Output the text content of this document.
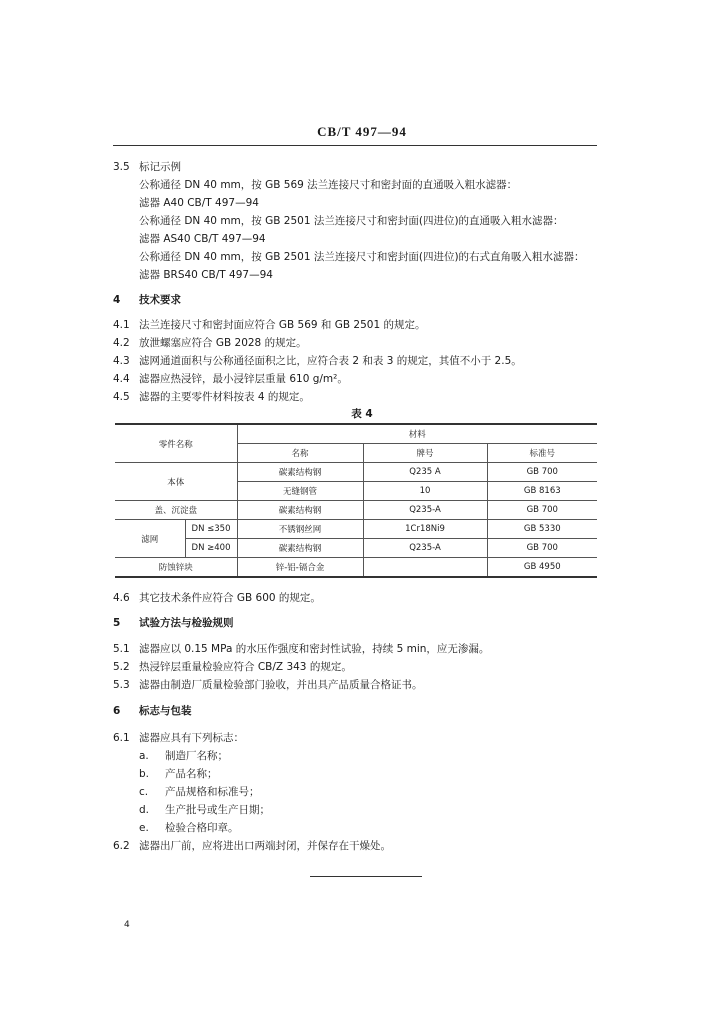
CB/T 497—94
3.5 标记示例
公称通径 DN 40 mm，按 GB 569 法兰连接尺寸和密封面的直通吸入粗水滤器：
滤器 A40 CB/T 497—94
公称通径 DN 40 mm，按 GB 2501 法兰连接尺寸和密封面(四进位)的直通吸入粗水滤器：
滤器 AS40 CB/T 497—94
公称通径 DN 40 mm，按 GB 2501 法兰连接尺寸和密封面(四进位)的右式直角吸入粗水滤器：
滤器 BRS40 CB/T 497—94
4 技术要求
4.1 法兰连接尺寸和密封面应符合 GB 569 和 GB 2501 的规定。
4.2 放泄螺塞应符合 GB 2028 的规定。
4.3 滤网通道面积与公称通径面积之比，应符合表 2 和表 3 的规定，其值不小于 2.5。
4.4 滤器应热浸锌，最小浸锌层重量 610 g/m²。
4.5 滤器的主要零件材料按表 4 的规定。
表 4
零件名称		材料		
		名称	牌号	标准号
本体		碳素结构钢	Q235 A	GB 700
		无缝钢管	10	GB 8163
盖、沉淀盘		碳素结构钢	Q235-A	GB 700
滤网	DN ≤350	不锈钢丝网	1Cr18Ni9	GB 5330
	DN ≥400	碳素结构钢	Q235-A	GB 700
防蚀锌块		锌-铝-镉合金		GB 4950
4.6 其它技术条件应符合 GB 600 的规定。
5 试验方法与检验规则
5.1 滤器应以 0.15 MPa 的水压作强度和密封性试验，持续 5 min，应无渗漏。
5.2 热浸锌层重量检验应符合 CB/Z 343 的规定。
5.3 滤器由制造厂质量检验部门验收，并出具产品质量合格证书。
6 标志与包装
6.1 滤器应具有下列标志：
a. 制造厂名称；
b. 产品名称；
c. 产品规格和标准号；
d. 生产批号或生产日期；
e. 检验合格印章。
6.2 滤器出厂前，应将进出口两端封闭，并保存在干燥处。
4
